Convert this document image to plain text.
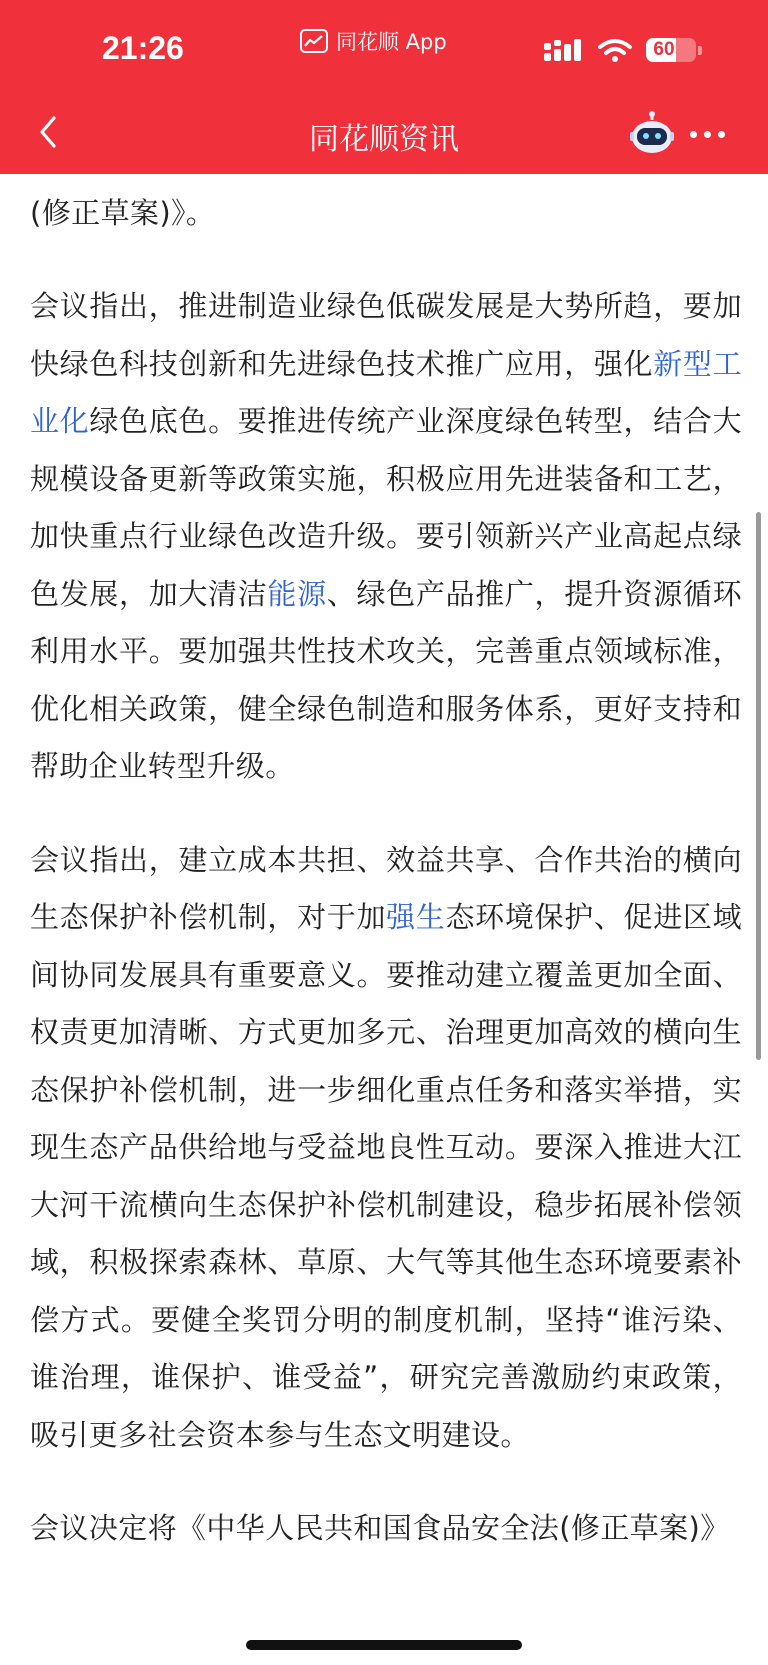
21:26	同花顺 App	60
同花顺资讯

(修正草案)》。

会议指出，推进制造业绿色低碳发展是大势所趋，要加快绿色科技创新和先进绿色技术推广应用，强化新型工业化绿色底色。要推进传统产业深度绿色转型，结合大规模设备更新等政策实施，积极应用先进装备和工艺，加快重点行业绿色改造升级。要引领新兴产业高起点绿色发展，加大清洁能源、绿色产品推广，提升资源循环利用水平。要加强共性技术攻关，完善重点领域标准，优化相关政策，健全绿色制造和服务体系，更好支持和帮助企业转型升级。

会议指出，建立成本共担、效益共享、合作共治的横向生态保护补偿机制，对于加强生态环境保护、促进区域间协同发展具有重要意义。要推动建立覆盖更加全面、权责更加清晰、方式更加多元、治理更加高效的横向生态保护补偿机制，进一步细化重点任务和落实举措，实现生态产品供给地与受益地良性互动。要深入推进大江大河干流横向生态保护补偿机制建设，稳步拓展补偿领域，积极探索森林、草原、大气等其他生态环境要素补偿方式。要健全奖罚分明的制度机制，坚持“谁污染、谁治理，谁保护、谁受益”，研究完善激励约束政策，吸引更多社会资本参与生态文明建设。

会议决定将《中华人民共和国食品安全法(修正草案)》
